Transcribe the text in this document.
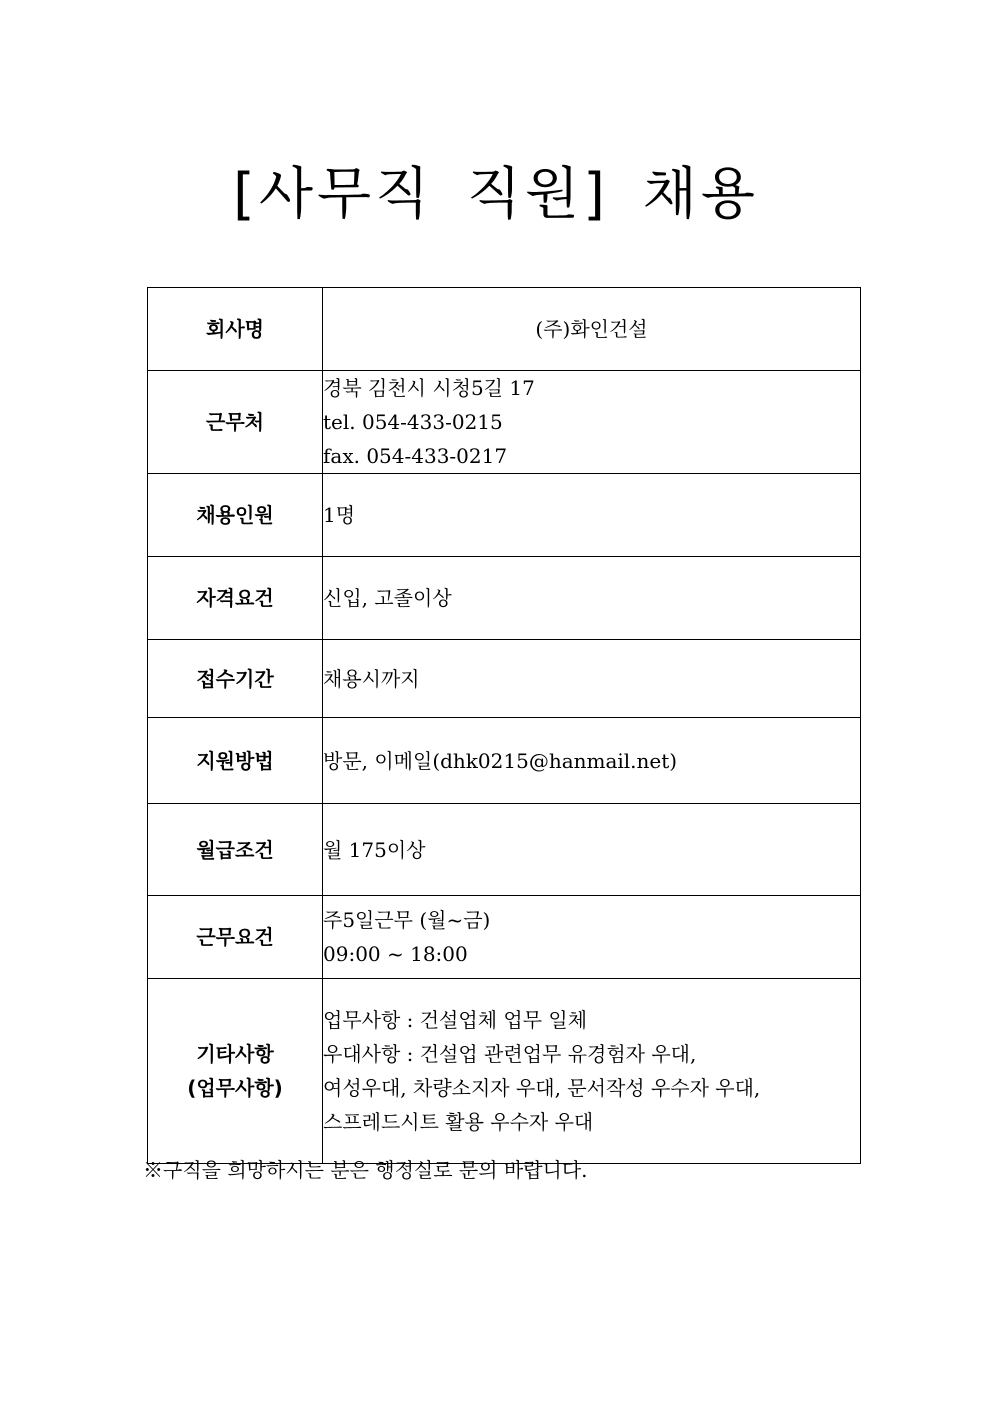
[사무직 직원] 채용
회사명	(주)화인건설
근무처	경북 김천시 시청5길 17
tel. 054-433-0215
fax. 054-433-0217

채용인원	1명
자격요건	신입, 고졸이상
접수기간	채용시까지
지원방법	방문, 이메일(dhk0215@hanmail.net)
월급조건	월 175이상
근무요건	주5일근무 (월~금)
09:00 ~ 18:00

기타사항
(업무사항)	업무사항 : 건설업체 업무 일체
우대사항 : 건설업 관련업무 유경험자 우대,
여성우대, 차량소지자 우대, 문서작성 우수자 우대,
스프레드시트 활용 우수자 우대
※구직을 희망하시는 분은 행정실로 문의 바랍니다.
